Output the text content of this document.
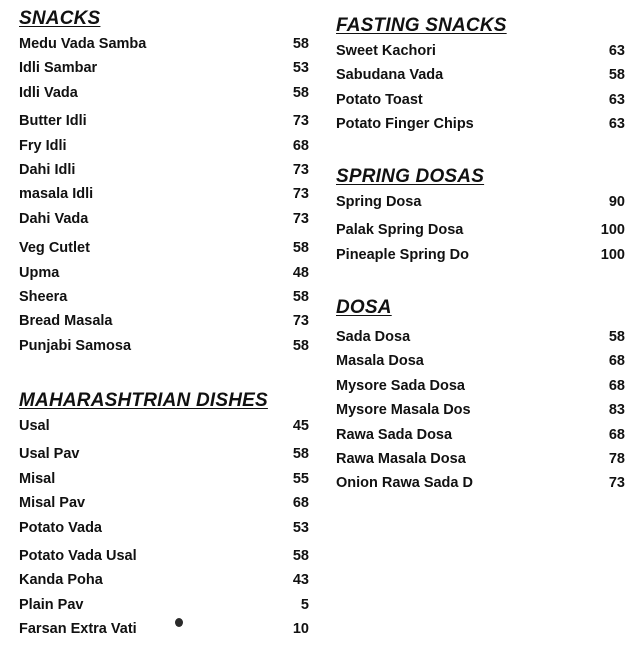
SNACKS
Medu Vada Samba	58
Idli Sambar	53
Idli Vada	58
Butter Idli	73
Fry Idli	68
Dahi Idli	73
masala Idli	73
Dahi Vada	73
Veg Cutlet	58
Upma	48
Sheera	58
Bread Masala	73
Punjabi Samosa	58
MAHARASHTRIAN DISHES
Usal	45
Usal Pav	58
Misal	55
Misal Pav	68
Potato Vada	53
Potato Vada Usal	58
Kanda Poha	43
Plain Pav	5
Farsan Extra Vati	10
FASTING SNACKS
Sweet Kachori	63
Sabudana Vada	58
Potato Toast	63
Potato Finger Chips	63
SPRING DOSAS
Spring Dosa	90
Palak Spring Dosa	100
Pineaple Spring Do	100
DOSA
Sada Dosa	58
Masala Dosa	68
Mysore Sada Dosa	68
Mysore Masala Dos	83
Rawa Sada Dosa	68
Rawa Masala Dosa	78
Onion Rawa Sada D	73
